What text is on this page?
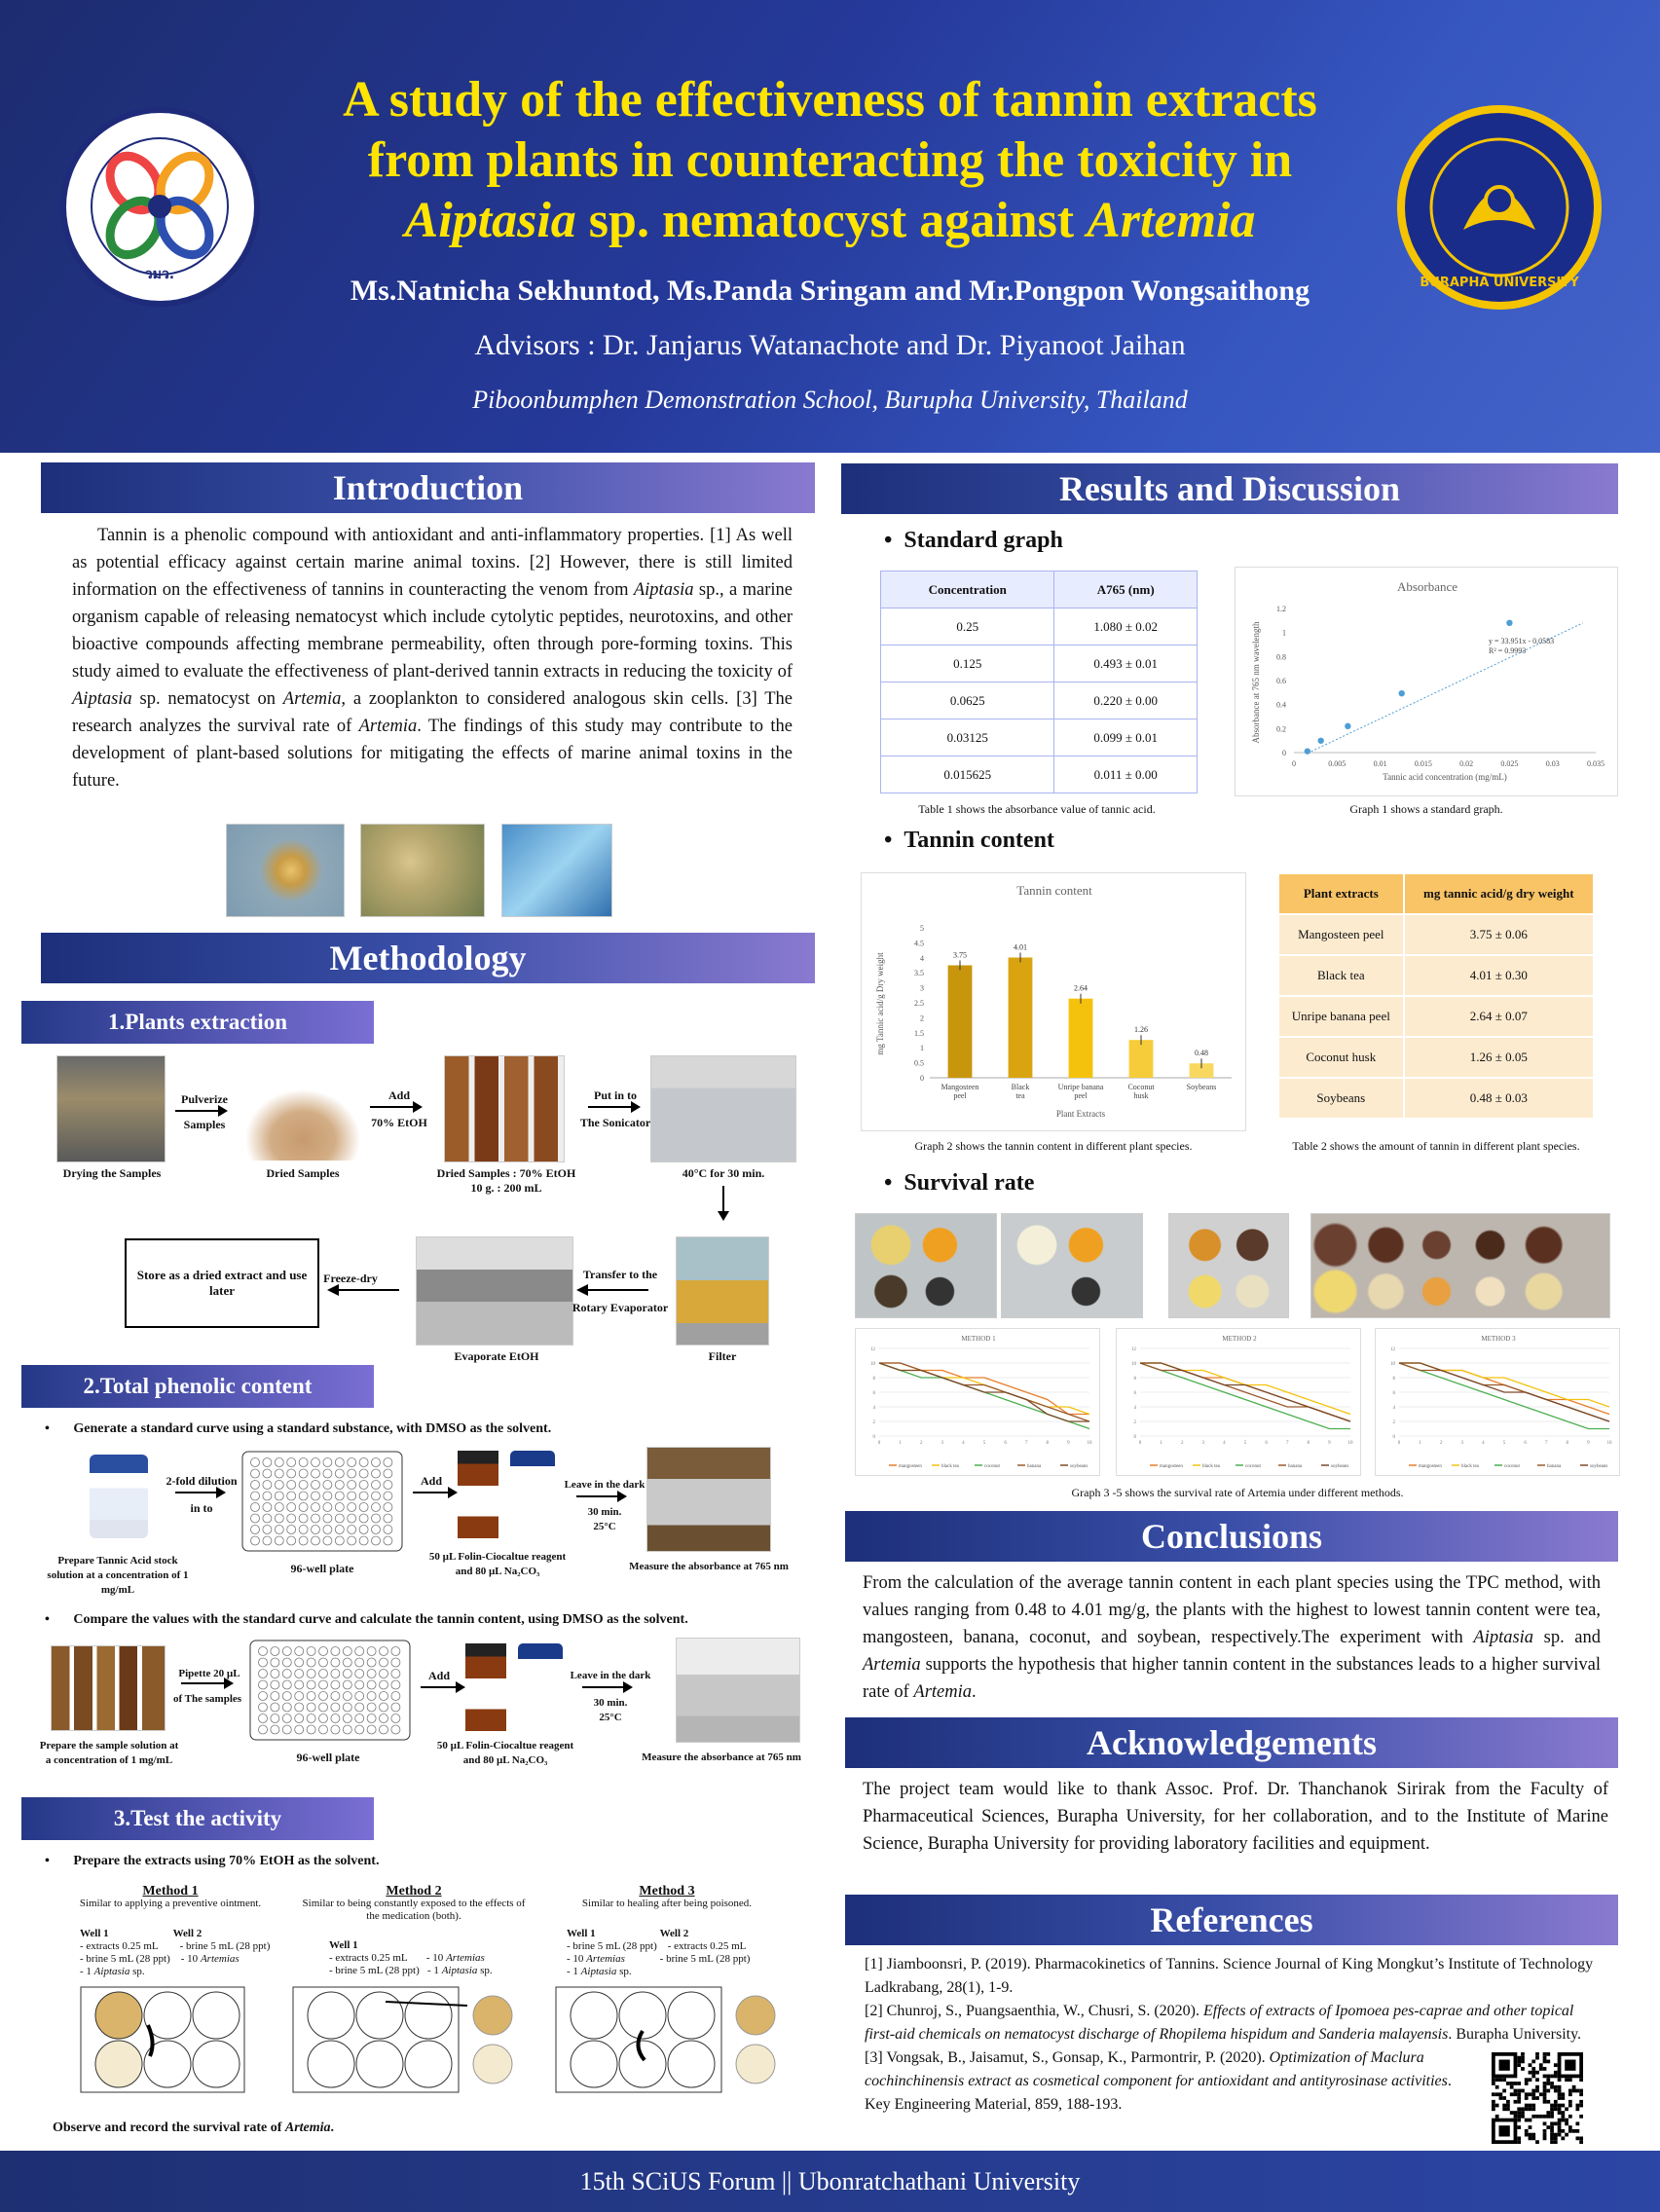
วมว.
A study of the effectiveness of tannin extracts
from plants in counteracting the toxicity in
Aiptasia sp. nematocyst against Artemia
Ms.Natnicha Sekhuntod, Ms.Panda Sringam and Mr.Pongpon Wongsaithong
Advisors : Dr. Janjarus Watanachote and Dr. Piyanoot Jaihan
Piboonbumphen Demonstration School, Burupha University, Thailand
BURAPHA UNIVERSITY
Introduction
Tannin is a phenolic compound with antioxidant and anti-inflammatory properties. [1] As well as potential efficacy against certain marine animal toxins. [2] However, there is still limited information on the effectiveness of tannins in counteracting the venom from Aiptasia sp., a marine organism capable of releasing nematocyst which include cytolytic peptides, neurotoxins, and other bioactive compounds affecting membrane permeability, often through pore-forming toxins. This study aimed to evaluate the effectiveness of plant-derived tannin extracts in reducing the toxicity of Aiptasia sp. nematocyst on Artemia, a zooplankton to considered analogous skin cells. [3] The research analyzes the survival rate of Artemia. The findings of this study may contribute to the development of plant-based solutions for mitigating the effects of marine animal toxins in the future.
Methodology
1.Plants extraction
Drying the Samples
Pulverize
Samples
Dried Samples
Add
70% EtOH
Dried Samples : 70% EtOH
10 g. : 200 mL
Put in to
The Sonicator
40°C for 30 min.
Store as a dried extract and use later
Freeze-dry
Evaporate EtOH
Transfer to the
Rotary Evaporator
Filter
2.Total phenolic content
•       Generate a standard curve using a standard substance, with DMSO as the solvent.
Prepare Tannic Acid stock solution at a concentration of 1 mg/mL
2-fold dilution
in to
96-well plate
Add
50 µL Folin-Ciocaltue reagent and 80 µL Na₂CO₃
Leave in the dark
30 min.
25°C
Measure the absorbance at 765 nm
•       Compare the values with the standard curve and calculate the tannin content, using DMSO as the solvent.
Prepare the sample solution at a concentration of 1 mg/mL
Pipette 20 µL
of The samples
96-well plate
Add
50 µL Folin-Ciocaltue reagent and 80 µL Na₂CO₃
Leave in the dark
30 min.
25°C
Measure the absorbance at 765 nm
3.Test the activity
•       Prepare the extracts using 70% EtOH as the solvent.
Method 1
Similar to applying a preventive ointment.
Well 1	Well 2
- extracts 0.25 mL        - brine 5 mL (28 ppt)
- brine 5 mL (28 ppt)    - 10 Artemias
- 1 Aiptasia sp.
Method 2
Similar to being constantly exposed to the effects of the medication (both).
Well 1
- extracts 0.25 mL       - 10 Artemias
- brine 5 mL (28 ppt)   - 1 Aiptasia sp.
Method 3
Similar to healing after being poisoned.
Well 1	Well 2
- brine 5 mL (28 ppt)    - extracts 0.25 mL
- 10 Artemias             - brine 5 mL (28 ppt)
- 1 Aiptasia sp.
Observe and record the survival rate of Artemia.
Results and Discussion
•  Standard graph
Concentration	A765 (nm)
0.25	1.080 ± 0.02
0.125	0.493 ± 0.01
0.0625	0.220 ± 0.00
0.03125	0.099 ± 0.01
0.015625	0.011 ± 0.00
Table 1 shows the absorbance value of tannic acid.
Absorbance
0
0.2
0.4
0.6
0.8
1
1.2
0	0.005	0.01	0.015	0.02	0.025	0.03	0.035
y = 33.951x - 0.0583
R² = 0.9993
Tannic acid concentration (mg/mL)
Absorbance at 765 nm wavelength
Graph 1 shows a standard graph.
•  Tannin content
Tannin content
0
0.5
1
1.5
2
2.5
3
3.5
4
4.5
5
3.75
Mangosteen
peel
4.01
Black
tea
2.64
Unripe banana
peel
1.26
Coconut
husk
0.48
Soybeans
Plant Extracts
mg Tannic acid/g Dry weight
Graph 2 shows the tannin content in different plant species.
Plant extracts	mg tannic acid/g dry weight
Mangosteen peel	3.75 ± 0.06
Black tea	4.01 ± 0.30
Unripe banana peel	2.64 ± 0.07
Coconut husk	1.26 ± 0.05
Soybeans	0.48 ± 0.03
Table 2 shows the amount of tannin in different plant species.
•  Survival rate
METHOD 1
0
2
4
6
8
10
12
0	1	2	3	4	5	6	7	8	9	10
mangosteen	black tea	coconut	banana	soybeans
METHOD 2
0
2
4
6
8
10
12
0	1	2	3	4	5	6	7	8	9	10
mangosteen	black tea	coconut	banana	soybeans
METHOD 3
0
2
4
6
8
10
12
0	1	2	3	4	5	6	7	8	9	10
mangosteen	black tea	coconut	banana	soybeans
Graph 3 -5 shows the survival rate of Artemia under different methods.
Conclusions
From the calculation of the average tannin content in each plant species using the TPC method, with values ranging from 0.48 to 4.01 mg/g, the plants with the highest to lowest tannin content were tea, mangosteen, banana, coconut, and soybean, respectively.The experiment with Aiptasia sp. and Artemia supports the hypothesis that higher tannin content in the substances leads to a higher survival rate of Artemia.
Acknowledgements
The project team would like to thank Assoc. Prof. Dr. Thanchanok Sirirak from the Faculty of Pharmaceutical Sciences, Burapha University, for her collaboration, and to the Institute of Marine Science, Burapha University for providing laboratory facilities and equipment.
References
[1] Jiamboonsri, P. (2019). Pharmacokinetics of Tannins. Science Journal of King Mongkut’s Institute of Technology Ladkrabang, 28(1), 1-9.
[2] Chunroj, S., Puangsaenthia, W., Chusri, S. (2020). Effects of extracts of Ipomoea pes-caprae and other topical first-aid chemicals on nematocyst discharge of Rhopilema hispidum and Sanderia malayensis. Burapha University.
[3] Vongsak, B., Jaisamut, S., Gonsap, K., Parmontrir, P. (2020). Optimization of Maclura cochinchinensis extract as cosmetical component for antioxidant and antityrosinase activities. Key Engineering Material, 859, 188-193.
15th SCiUS Forum || Ubonratchathani University
